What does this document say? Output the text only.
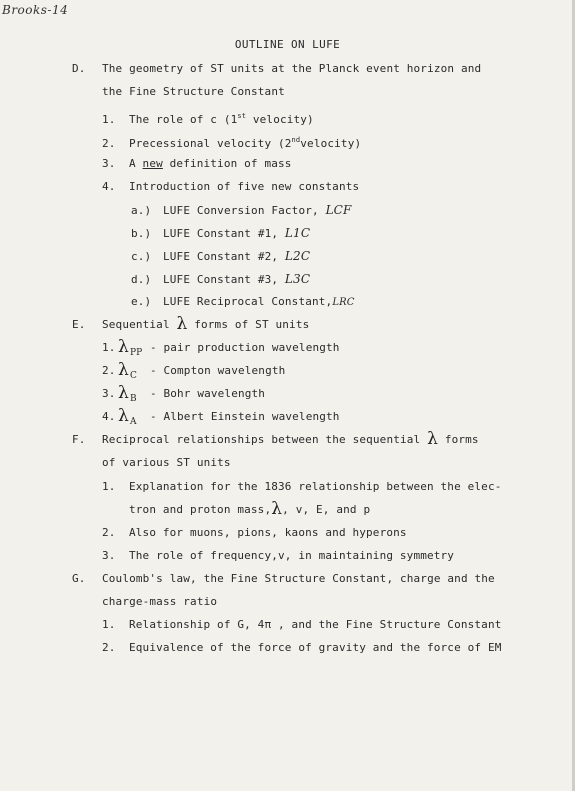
Brooks-14
OUTLINE ON LUFE
D. The geometry of ST units at the Planck event horizon and
the Fine Structure Constant
1. The role of c (1st velocity)
2. Precessional velocity (2ndvelocity)
3. A new definition of mass
4. Introduction of five new constants
a.) LUFE Conversion Factor, LCF
b.) LUFE Constant #1, L1C
c.) LUFE Constant #2, L2C
d.) LUFE Constant #3, L3C
e.) LUFE Reciprocal Constant,LRC
E. Sequential λ forms of ST units
1. λPP - pair production wavelength
2. λC - Compton wavelength
3. λB - Bohr wavelength
4. λA - Albert Einstein wavelength
F. Reciprocal relationships between the sequential λ forms
of various ST units
1. Explanation for the 1836 relationship between the elec-
tron and proton mass,λ, v, E, and p
2. Also for muons, pions, kaons and hyperons
3. The role of frequency,v, in maintaining symmetry
G. Coulomb's law, the Fine Structure Constant, charge and the
charge-mass ratio
1. Relationship of G, 4π , and the Fine Structure Constant
2. Equivalence of the force of gravity and the force of EM
